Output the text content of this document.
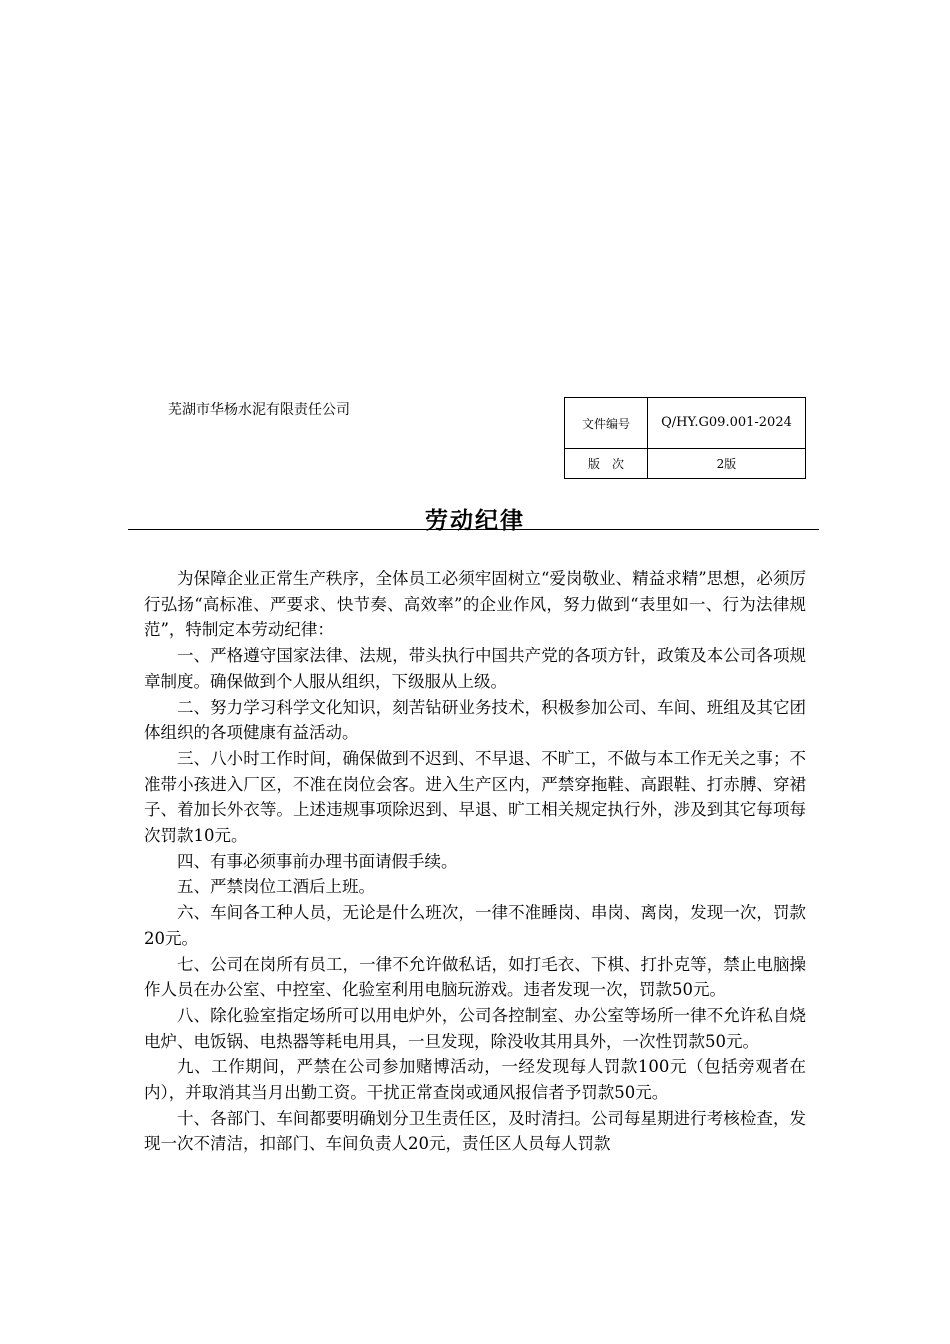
芜湖市华杨水泥有限责任公司
文件编号	Q/HY.G09.001-2024
版　次	2版
劳动纪律

为保障企业正常生产秩序，全体员工必须牢固树立“爱岗敬业、精益求精”思想，必须厉行弘扬“高标准、严要求、快节奏、高效率”的企业作风，努力做到“表里如一、行为法律规范”，特制定本劳动纪律：

一、严格遵守国家法律、法规，带头执行中国共产党的各项方针，政策及本公司各项规章制度。确保做到个人服从组织，下级服从上级。

二、努力学习科学文化知识，刻苦钻研业务技术，积极参加公司、车间、班组及其它团体组织的各项健康有益活动。

三、八小时工作时间，确保做到不迟到、不早退、不旷工，不做与本工作无关之事；不准带小孩进入厂区，不准在岗位会客。进入生产区内，严禁穿拖鞋、高跟鞋、打赤膊、穿裙子、着加长外衣等。上述违规事项除迟到、早退、旷工相关规定执行外，涉及到其它每项每次罚款10元。

四、有事必须事前办理书面请假手续。

五、严禁岗位工酒后上班。

六、车间各工种人员，无论是什么班次，一律不准睡岗、串岗、离岗，发现一次，罚款20元。

七、公司在岗所有员工，一律不允许做私话，如打毛衣、下棋、打扑克等，禁止电脑操作人员在办公室、中控室、化验室利用电脑玩游戏。违者发现一次，罚款50元。

八、除化验室指定场所可以用电炉外，公司各控制室、办公室等场所一律不允许私自烧电炉、电饭锅、电热器等耗电用具，一旦发现，除没收其用具外，一次性罚款50元。

九、工作期间，严禁在公司参加赌博活动，一经发现每人罚款100元（包括旁观者在内），并取消其当月出勤工资。干扰正常查岗或通风报信者予罚款50元。

十、各部门、车间都要明确划分卫生责任区，及时清扫。公司每星期进行考核检查，发现一次不清洁，扣部门、车间负责人20元，责任区人员每人罚款
